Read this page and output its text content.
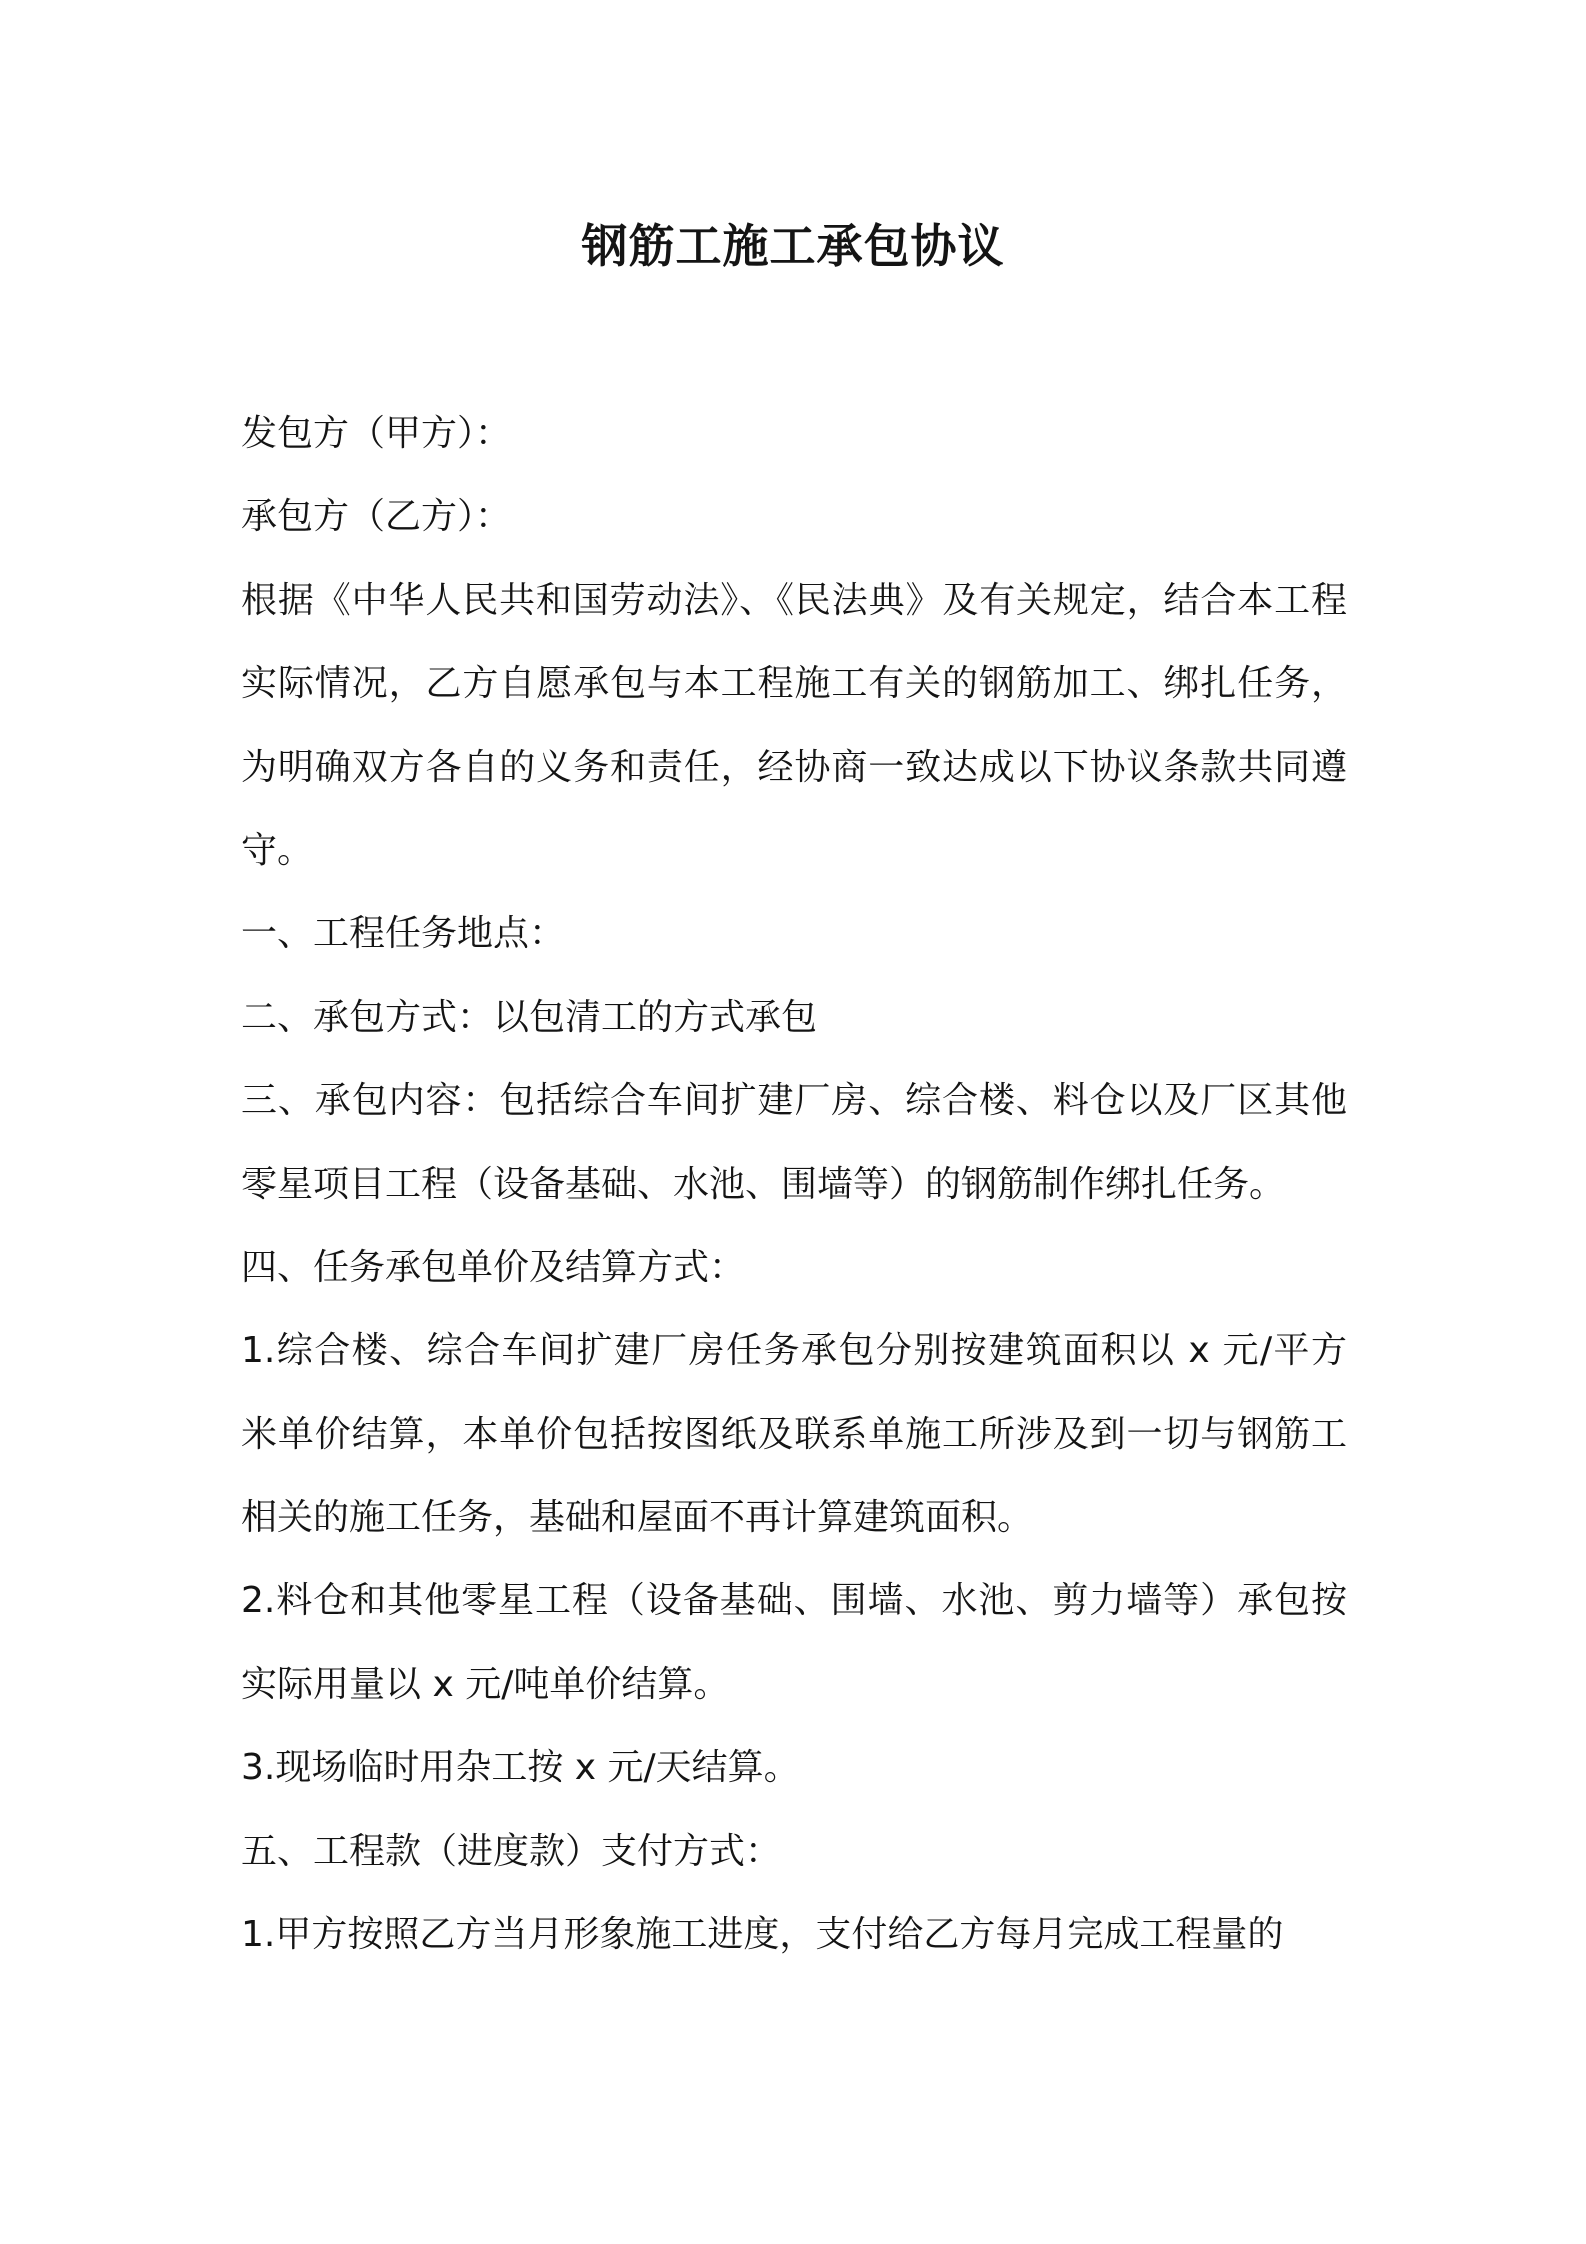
钢筋工施工承包协议
发包方（甲方）：
承包方（乙方）：
根据《中华人民共和国劳动法》、《民法典》及有关规定，结合本工程
实际情况，乙方自愿承包与本工程施工有关的钢筋加工、绑扎任务，
为明确双方各自的义务和责任，经协商一致达成以下协议条款共同遵
守。
一、工程任务地点：
二、承包方式：以包清工的方式承包
三、承包内容：包括综合车间扩建厂房、综合楼、料仓以及厂区其他
零星项目工程（设备基础、水池、围墙等）的钢筋制作绑扎任务。
四、任务承包单价及结算方式：
1.综合楼、综合车间扩建厂房任务承包分别按建筑面积以 x 元/平方
米单价结算，本单价包括按图纸及联系单施工所涉及到一切与钢筋工
相关的施工任务，基础和屋面不再计算建筑面积。
2.料仓和其他零星工程（设备基础、围墙、水池、剪力墙等）承包按
实际用量以 x 元/吨单价结算。
3.现场临时用杂工按 x 元/天结算。
五、工程款（进度款）支付方式：
1.甲方按照乙方当月形象施工进度，支付给乙方每月完成工程量的
